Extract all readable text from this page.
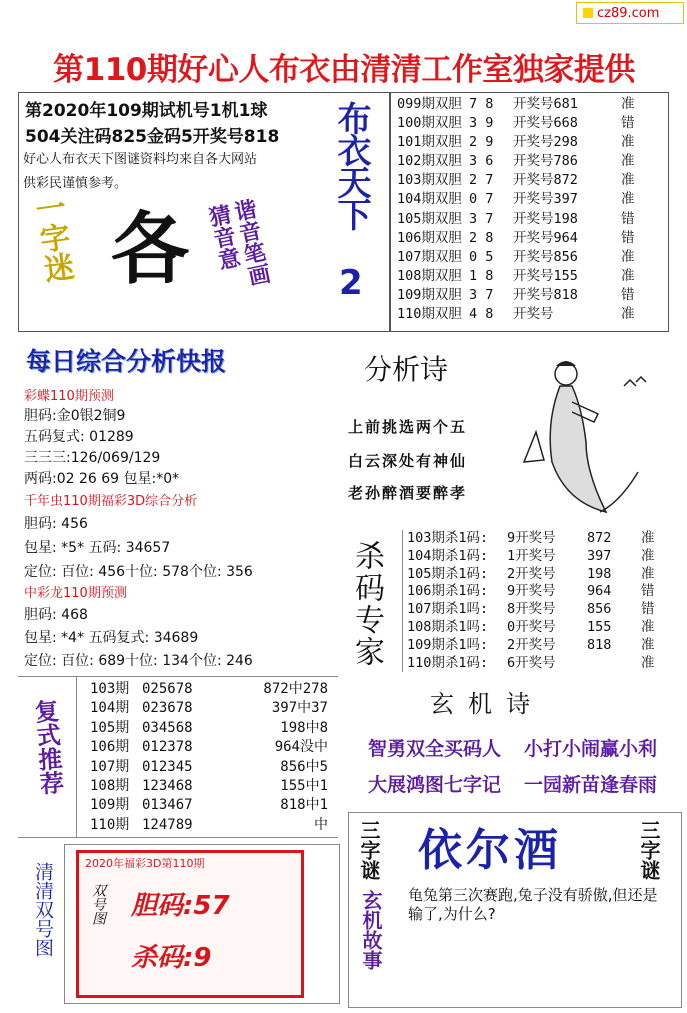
cz89.com
第110期好心人布衣由清清工作室独家提供
第2020年109期试机号1机1球
504关注码825金码5开奖号818
好心人布衣天下图谜资料均来自各大网站
供彩民谨慎参考。
一字迷 各	谐音笔画 猜音意
布衣天下
2
099期双胆 7 8 开奖号681	准
100期双胆 3 9 开奖号668	错
101期双胆 2 9 开奖号298	准
102期双胆 3 6 开奖号786	准
103期双胆 2 7 开奖号872	准
104期双胆 0 7 开奖号397	准
105期双胆 3 7 开奖号198	错
106期双胆 2 8 开奖号964	错
107期双胆 0 5 开奖号856	准
108期双胆 1 8 开奖号155	准
109期双胆 3 7 开奖号818	错
110期双胆 4 8 开奖号	准
每日综合分析快报
彩蝶110期预测
胆码:金0银2铜9
五码复式: 01289
三三三:126/069/129
两码:02 26 69 包星:*0*
千年虫110期福彩3D综合分析
胆码: 456
包星: *5* 五码: 34657
定位: 百位: 456十位: 578个位: 356
中彩龙110期预测
胆码: 468
包星: *4* 五码复式: 34689
定位: 百位: 689十位: 134个位: 246
分析诗
上前挑选两个五
白云深处有神仙
老孙醉酒要醉孝
杀码专家
103期杀1码: 9开奖号 872 准
104期杀1码: 1开奖号 397 准
105期杀1码: 2开奖号 198 准
106期杀1码: 9开奖号 964 错
107期杀1吗: 8开奖号 856 错
108期杀1吗: 0开奖号 155 准
109期杀1吗: 2开奖号 818 准
110期杀1码: 6开奖号	准
复式推荐
103期 025678	872中278
104期 023678	397中37
105期 034568	198中8
106期 012378	964没中
107期 012345	856中5
108期 123468	155中1
109期 013467	818中1
110期 124789	中
玄机诗
智勇双全买码人 小打小闹赢小利
大展鸿图七字记 一园新苗逢春雨
清清双号图	2020年福彩3D第110期
双号图 胆码:57
杀码:9
三字谜	三字谜
依尔酒
玄机故事 龟兔第三次赛跑,兔子没有骄傲,但还是输了,为什么?
